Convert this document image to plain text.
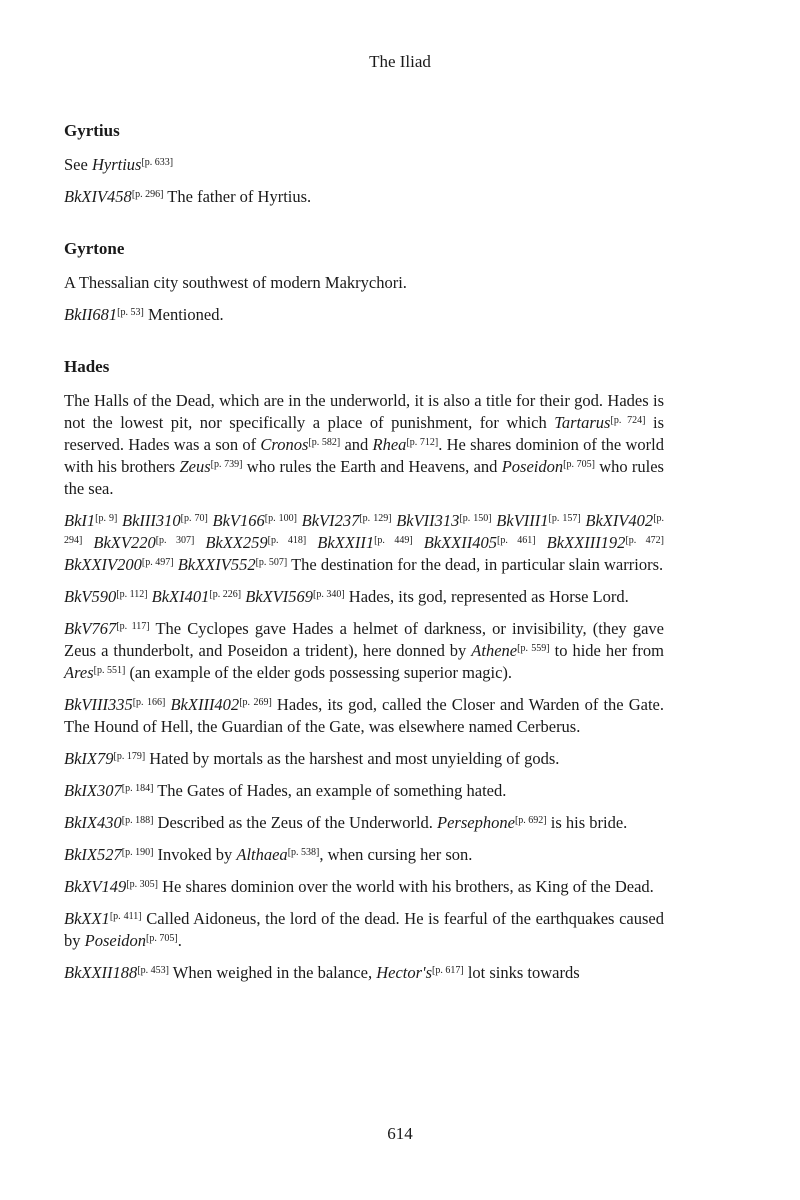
The Iliad
Gyrtius

See Hyrtius[p. 633]

BkXIV458[p. 296] The father of Hyrtius.

Gyrtone

A Thessalian city southwest of modern Makrychori.

BkII681[p. 53] Mentioned.

Hades

The Halls of the Dead, which are in the underworld, it is also a title for their god. Hades is not the lowest pit, nor specifically a place of punishment, for which Tartarus[p. 724] is reserved. Hades was a son of Cronos[p. 582] and Rhea[p. 712]. He shares dominion of the world with his brothers Zeus[p. 739] who rules the Earth and Heavens, and Poseidon[p. 705] who rules the sea.

BkI1[p. 9] BkIII310[p. 70] BkV166[p. 100] BkVI237[p. 129] BkVII313[p. 150] BkVIII1[p. 157] BkXIV402[p. 294] BkXV220[p. 307] BkXX259[p. 418] BkXXII1[p. 449] BkXXII405[p. 461] BkXXIII192[p. 472] BkXXIV200[p. 497] BkXXIV552[p. 507] The destination for the dead, in particular slain warriors.

BkV590[p. 112] BkXI401[p. 226] BkXVI569[p. 340] Hades, its god, represented as Horse Lord.

BkV767[p. 117] The Cyclopes gave Hades a helmet of darkness, or invisibility, (they gave Zeus a thunderbolt, and Poseidon a trident), here donned by Athene[p. 559] to hide her from Ares[p. 551] (an example of the elder gods possessing superior magic).

BkVIII335[p. 166] BkXIII402[p. 269] Hades, its god, called the Closer and Warden of the Gate. The Hound of Hell, the Guardian of the Gate, was elsewhere named Cerberus.

BkIX79[p. 179] Hated by mortals as the harshest and most unyielding of gods.

BkIX307[p. 184] The Gates of Hades, an example of something hated.

BkIX430[p. 188] Described as the Zeus of the Underworld. Persephone[p. 692] is his bride.

BkIX527[p. 190] Invoked by Althaea[p. 538], when cursing her son.

BkXV149[p. 305] He shares dominion over the world with his brothers, as King of the Dead.

BkXX1[p. 411] Called Aidoneus, the lord of the dead. He is fearful of the earthquakes caused by Poseidon[p. 705].

BkXXII188[p. 453] When weighed in the balance, Hector's[p. 617] lot sinks towards

614
